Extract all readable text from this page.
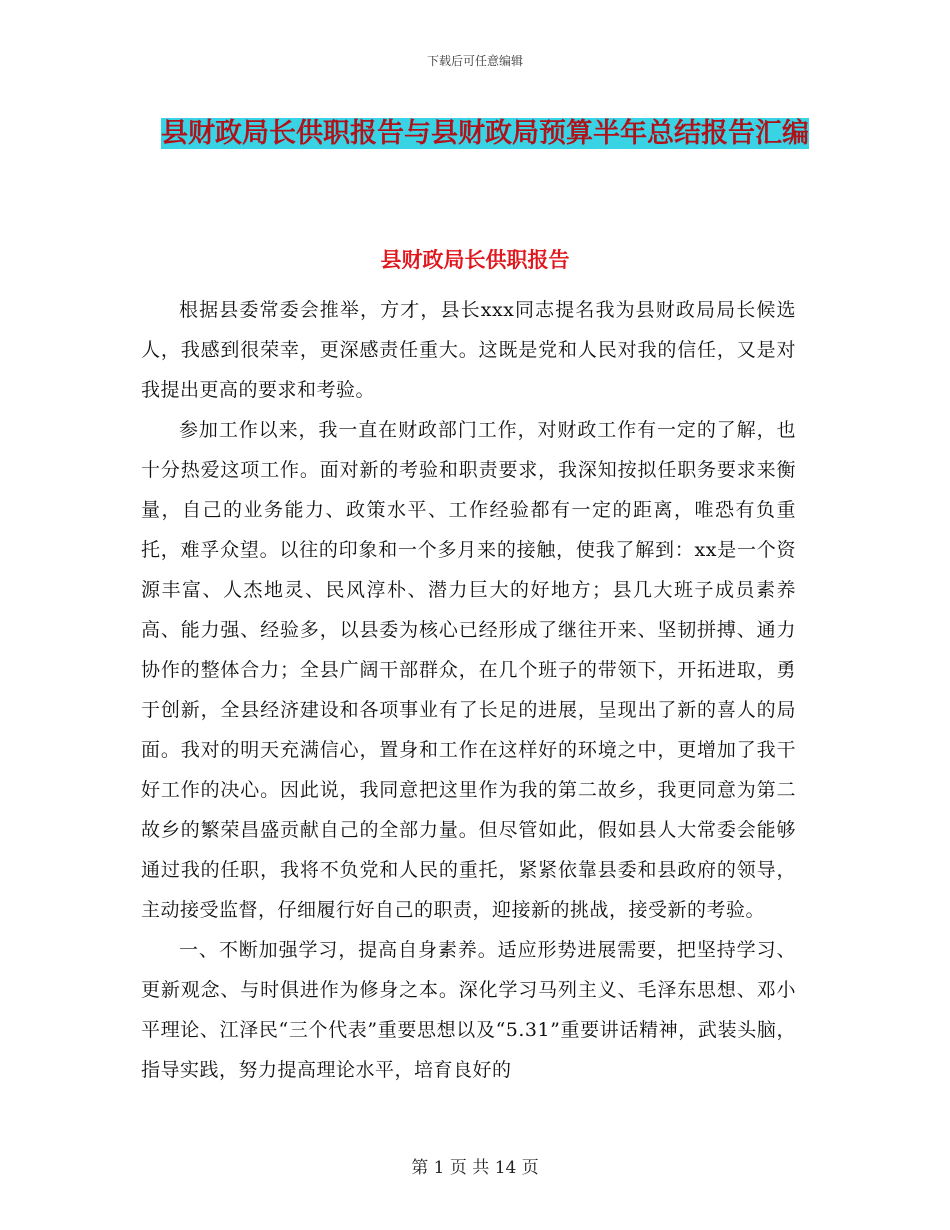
下载后可任意编辑
县财政局长供职报告与县财政局预算半年总结报告汇编
县财政局长供职报告

根据县委常委会推举，方才，县长xxx同志提名我为县财政局局长候选人，我感到很荣幸，更深感责任重大。这既是党和人民对我的信任，又是对我提出更高的要求和考验。

参加工作以来，我一直在财政部门工作，对财政工作有一定的了解，也十分热爱这项工作。面对新的考验和职责要求，我深知按拟任职务要求来衡量，自己的业务能力、政策水平、工作经验都有一定的距离，唯恐有负重托，难孚众望。以往的印象和一个多月来的接触，使我了解到：xx是一个资源丰富、人杰地灵、民风淳朴、潜力巨大的好地方；县几大班子成员素养高、能力强、经验多，以县委为核心已经形成了继往开来、坚韧拼搏、通力协作的整体合力；全县广阔干部群众，在几个班子的带领下，开拓进取，勇于创新，全县经济建设和各项事业有了长足的进展，呈现出了新的喜人的局面。我对的明天充满信心，置身和工作在这样好的环境之中，更增加了我干好工作的决心。因此说，我同意把这里作为我的第二故乡，我更同意为第二故乡的繁荣昌盛贡献自己的全部力量。但尽管如此，假如县人大常委会能够通过我的任职，我将不负党和人民的重托，紧紧依靠县委和县政府的领导，主动接受监督，仔细履行好自己的职责，迎接新的挑战，接受新的考验。

一、不断加强学习，提高自身素养。适应形势进展需要，把坚持学习、更新观念、与时俱进作为修身之本。深化学习马列主义、毛泽东思想、邓小平理论、江泽民“三个代表”重要思想以及“5.31”重要讲话精神，武装头脑，指导实践，努力提高理论水平，培育良好的

第 1 页 共 14 页
